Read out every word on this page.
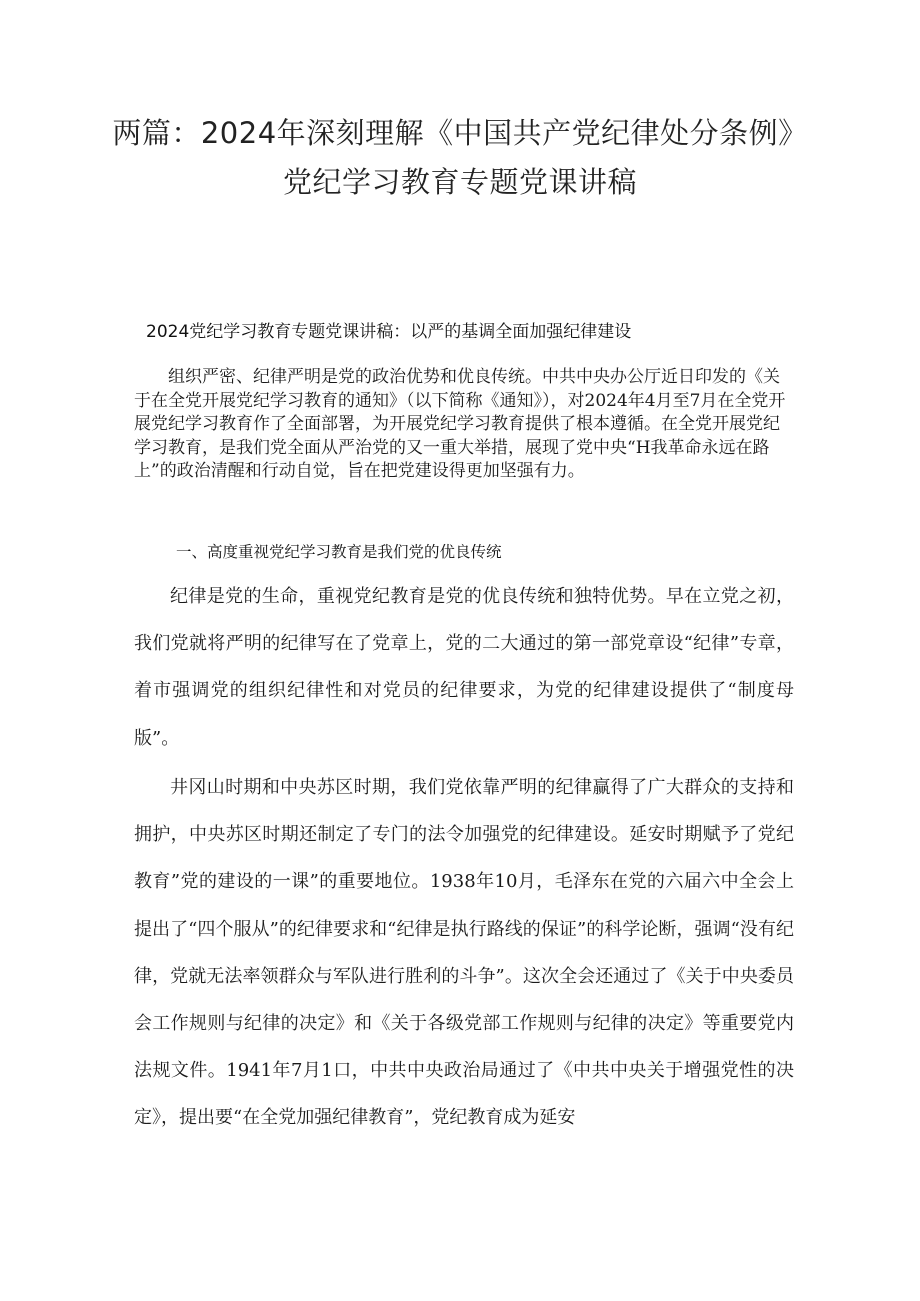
两篇：2024年深刻理解《中国共产党纪律处分条例》
党纪学习教育专题党课讲稿
2024党纪学习教育专题党课讲稿：以严的基调全面加强纪律建设

组织严密、纪律严明是党的政治优势和优良传统。中共中央办公厅近日印发的《关于在全党开展党纪学习教育的通知》（以下简称《通知》），对2024年4月至7月在全党开展党纪学习教育作了全面部署，为开展党纪学习教育提供了根本遵循。在全党开展党纪学习教育，是我们党全面从严治党的又一重大举措，展现了党中央“H我革命永远在路上”的政治清醒和行动自觉，旨在把党建设得更加坚强有力。

一、高度重视党纪学习教育是我们党的优良传统

纪律是党的生命，重视党纪教育是党的优良传统和独特优势。早在立党之初，我们党就将严明的纪律写在了党章上，党的二大通过的第一部党章设“纪律”专章，着市强调党的组织纪律性和对党员的纪律要求，为党的纪律建设提供了“制度母版”。

井冈山时期和中央苏区时期，我们党依靠严明的纪律赢得了广大群众的支持和拥护，中央苏区时期还制定了专门的法令加强党的纪律建设。延安时期赋予了党纪教育”党的建设的一课”的重要地位。1938年10月，毛泽东在党的六届六中全会上提出了“四个服从”的纪律要求和“纪律是执行路线的保证”的科学论断，强调“没有纪律，党就无法率领群众与军队进行胜利的斗争”。这次全会还通过了《关于中央委员会工作规则与纪律的决定》和《关于各级党部工作规则与纪律的决定》等重要党内法规文件。1941年7月1口，中共中央政治局通过了《中共中央关于增强党性的决定》，提出要“在全党加强纪律教育”，党纪教育成为延安
